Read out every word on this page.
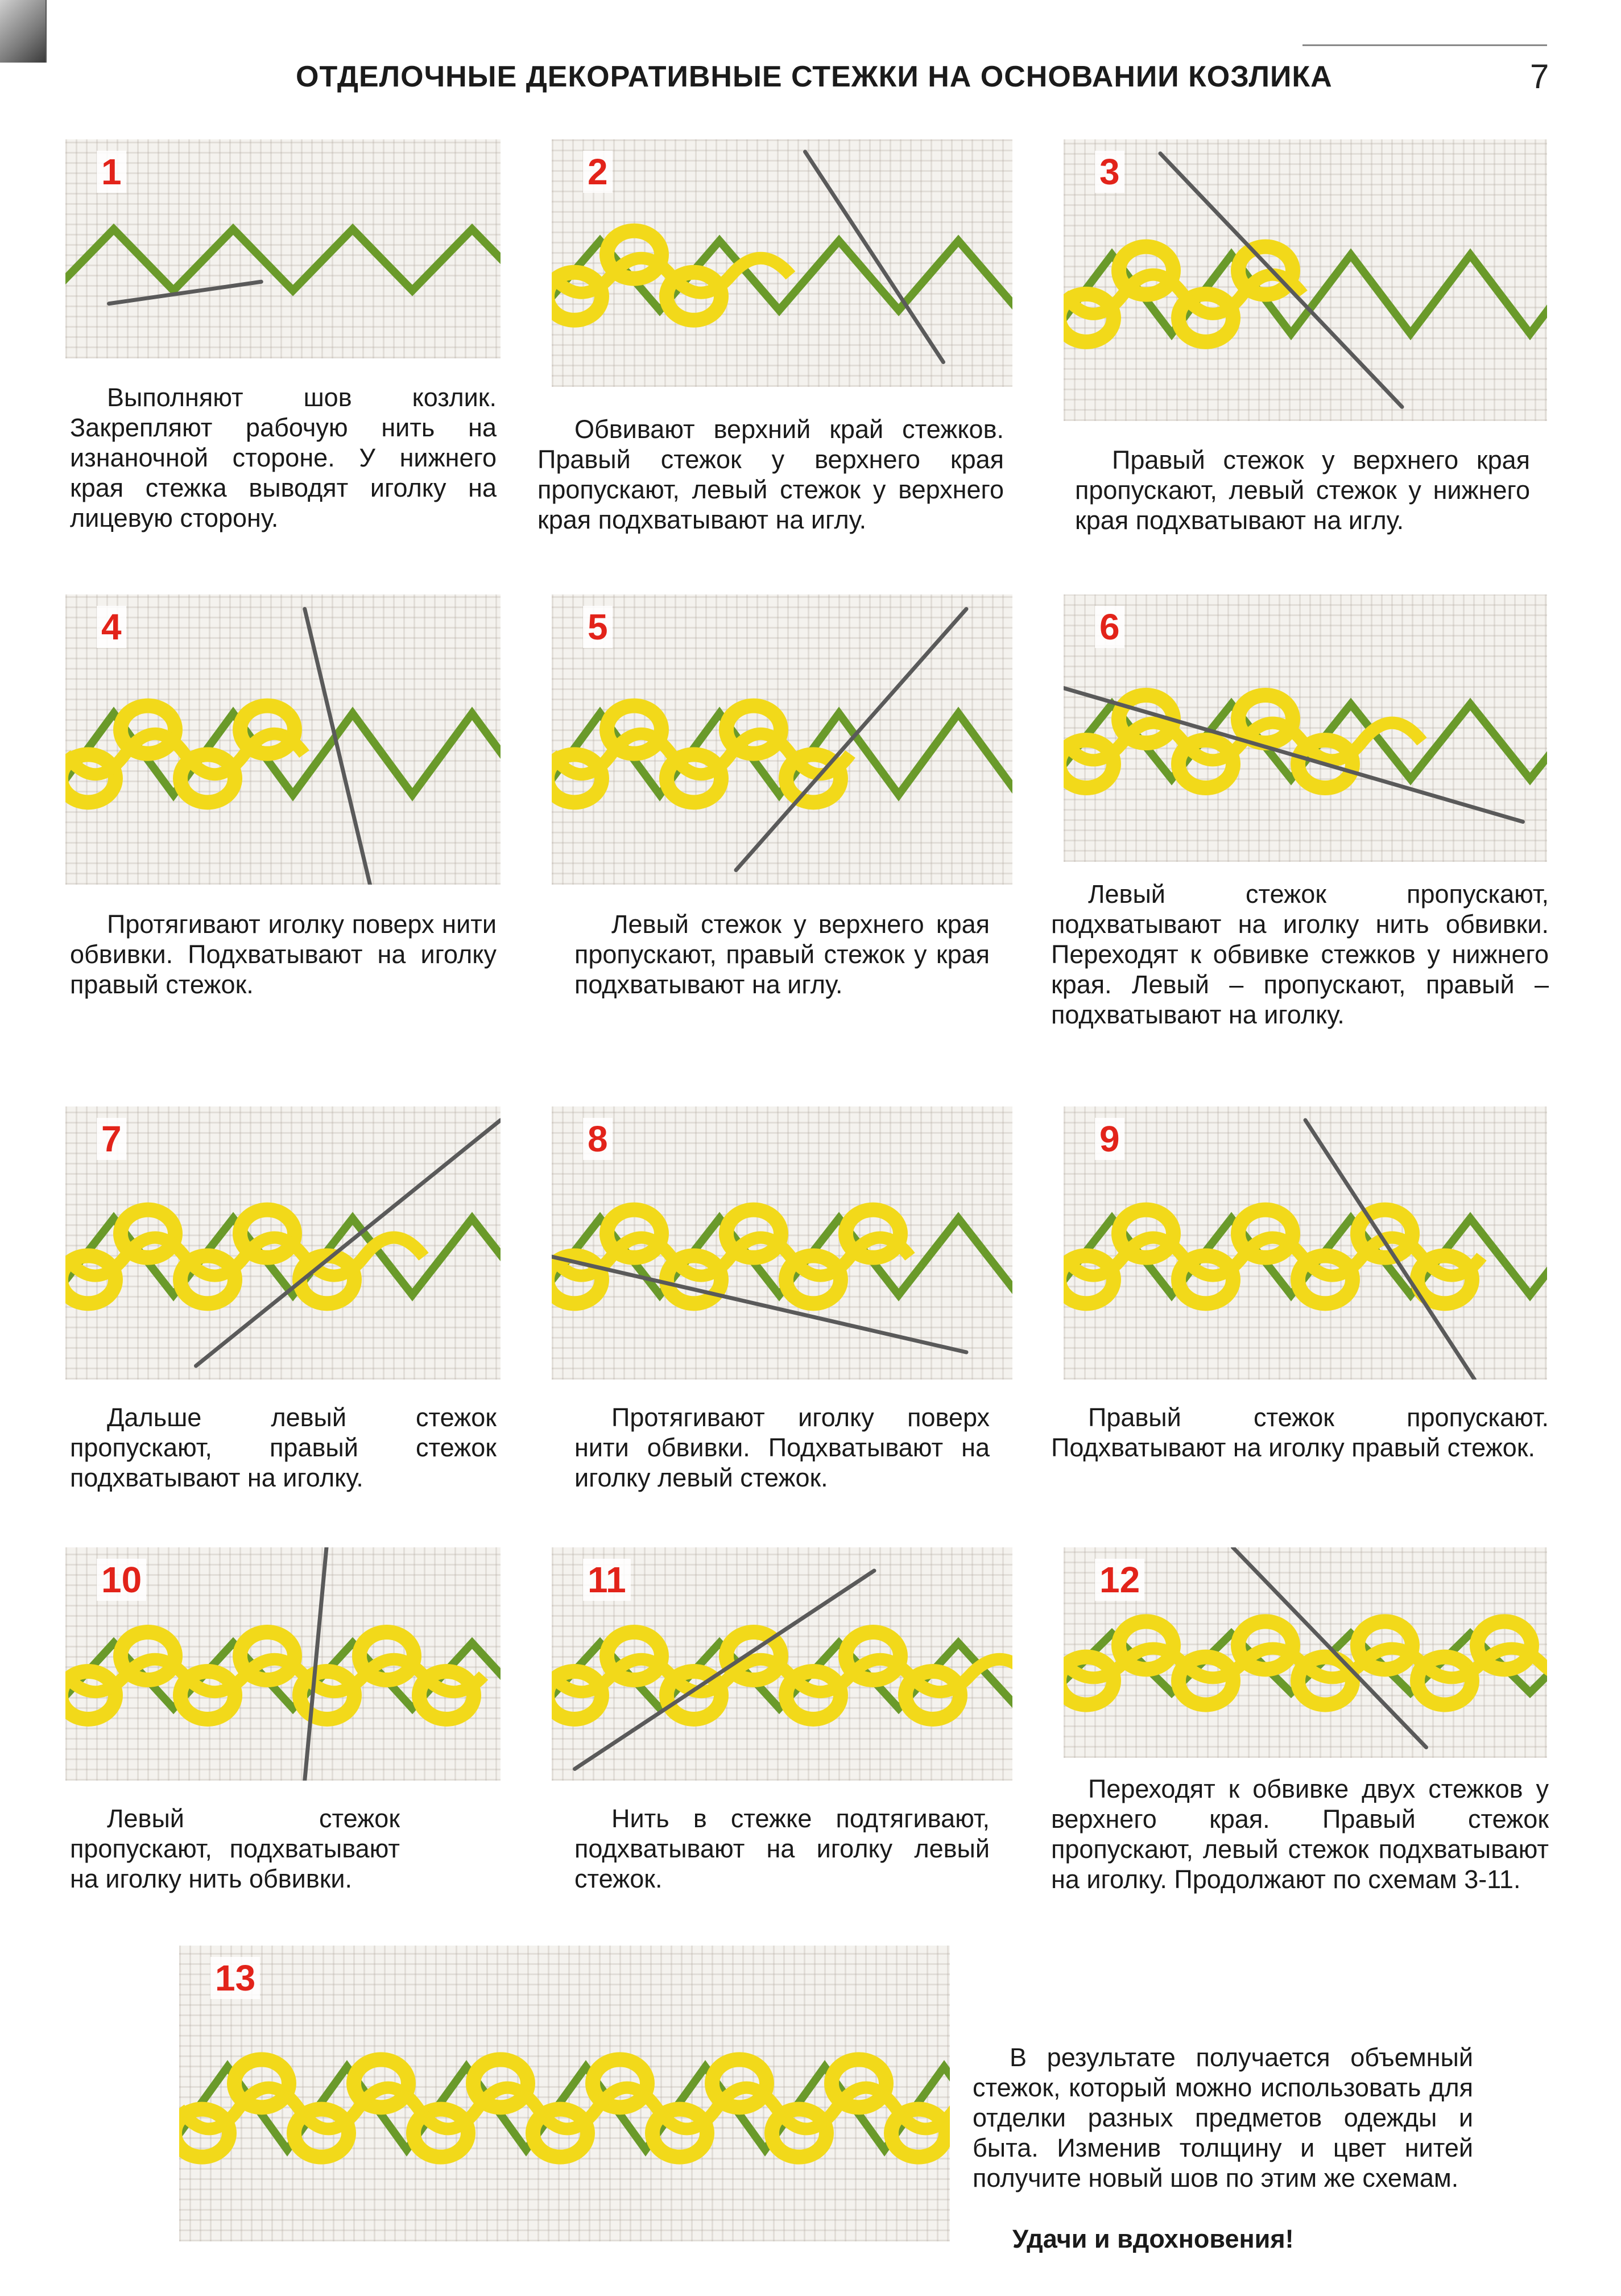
ОТДЕЛОЧНЫЕ ДЕКОРАТИВНЫЕ СТЕЖКИ НА ОСНОВАНИИ КОЗЛИКА	7
1	2	3
Выполняют шов козлик. Закрепляют рабочую нить на изнаночной стороне. У нижнего края стежка выводят иголку на лицевую сторону.
Обвивают верхний край стежков. Правый стежок у верхнего края пропускают, левый стежок у верхнего края подхватывают на иглу.
Правый стежок у верхнего края пропускают, левый стежок у нижнего края подхватывают на иглу.
4	5	6
Протягивают иголку поверх нити обвивки. Подхватывают на иголку правый стежок.
Левый стежок у верхнего края пропускают, правый стежок у края подхватывают на иглу.
Левый стежок пропускают, подхватывают на иголку нить обвивки. Переходят к обвивке стежков у нижнего края. Левый – пропускают, правый – подхватывают на иголку.
7	8	9
Дальше левый стежок пропускают, правый стежок подхватывают на иголку.
Протягивают иголку поверх нити обвивки. Подхватывают на иголку левый стежок.
Правый стежок пропускают. Подхватывают на иголку правый стежок.
10	11	12
Левый стежок пропускают, подхватывают на иголку нить обвивки.
Нить в стежке подтягивают, подхватывают на иголку левый стежок.
Переходят к обвивке двух стежков у верхнего края. Правый стежок пропускают, левый стежок подхватывают на иголку. Продолжают по схемам 3-11.
13
В результате получается объемный стежок, который можно использовать для отделки разных предметов одежды и быта. Изменив толщину и цвет нитей получите новый шов по этим же схемам.
Удачи и вдохновения!
